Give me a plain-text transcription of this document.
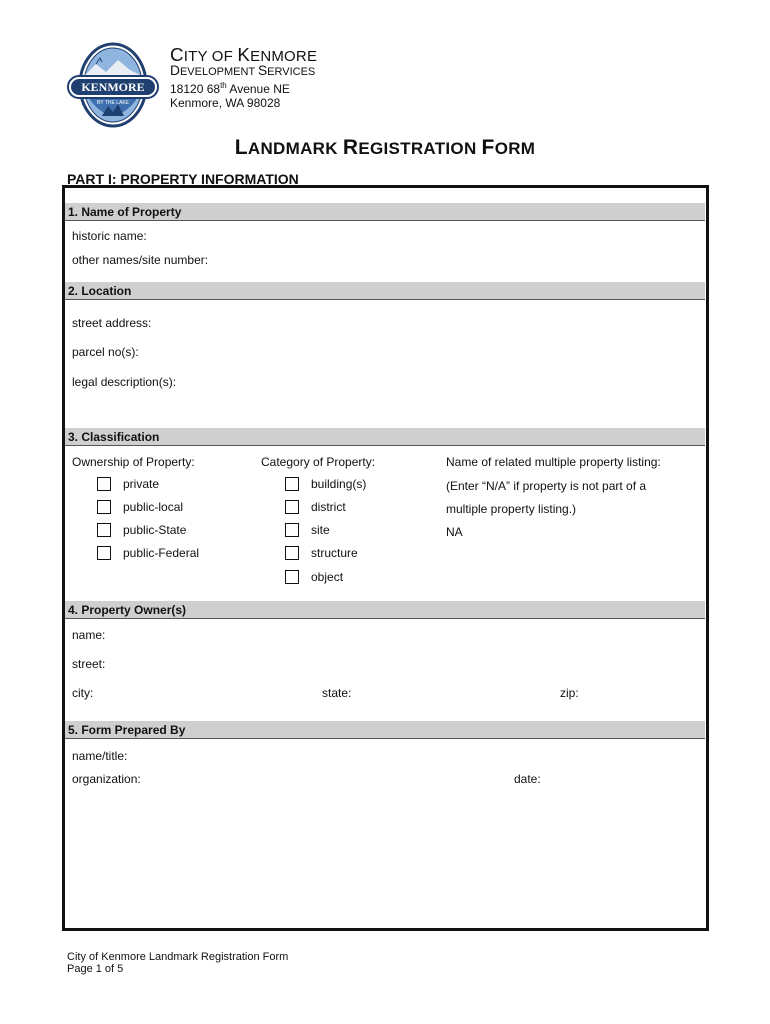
KENMORE
BY THE LAKE
CITY OF KENMORE
DEVELOPMENT SERVICES
18120 68th Avenue NE
Kenmore, WA 98028
LANDMARK REGISTRATION FORM
PART I: PROPERTY INFORMATION
1. Name of Property
historic name:
other names/site number:
2. Location
street address:
parcel no(s):
legal description(s):
3. Classification
Ownership of Property:	Category of Property:	Name of related multiple property listing:
private
public-local
public-State
public-Federal
building(s)
district
site
structure
object
(Enter “N/A” if property is not part of a
multiple property listing.)
NA
4. Property Owner(s)
name:
street:
city:	state:	zip:
5. Form Prepared By
name/title:
organization:	date:
City of Kenmore Landmark Registration Form
Page 1 of 5
